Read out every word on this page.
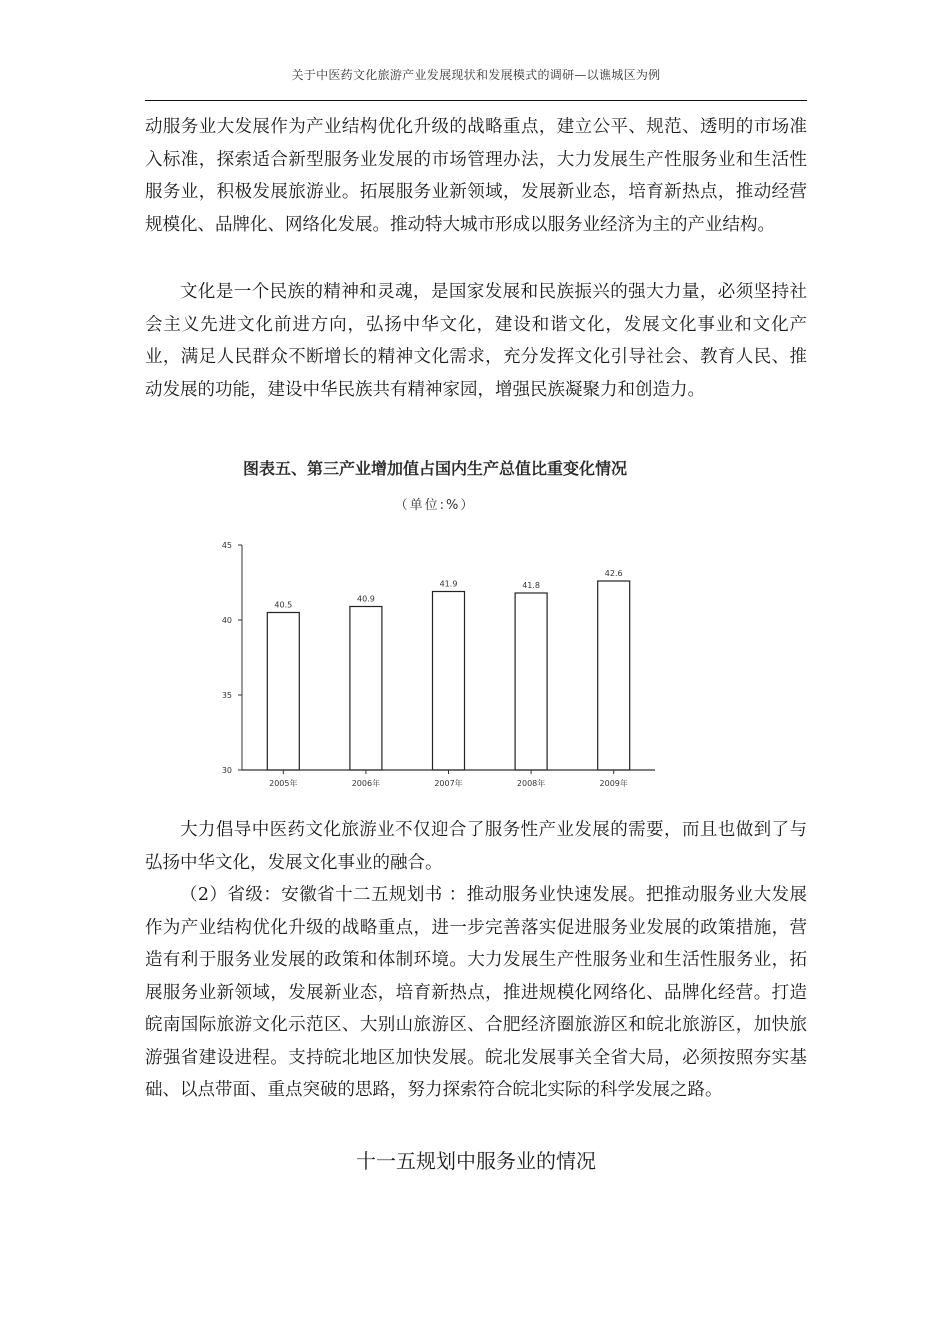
关于中医药文化旅游产业发展现状和发展模式的调研—以谯城区为例

动服务业大发展作为产业结构优化升级的战略重点，建立公平、规范、透明的市场准入标准，探索适合新型服务业发展的市场管理办法，大力发展生产性服务业和生活性服务业，积极发展旅游业。拓展服务业新领域，发展新业态，培育新热点，推动经营规模化、品牌化、网络化发展。推动特大城市形成以服务业经济为主的产业结构。

文化是一个民族的精神和灵魂，是国家发展和民族振兴的强大力量，必须坚持社会主义先进文化前进方向，弘扬中华文化，建设和谐文化，发展文化事业和文化产业，满足人民群众不断增长的精神文化需求，充分发挥文化引导社会、教育人民、推动发展的功能，建设中华民族共有精神家园，增强民族凝聚力和创造力。

图表五、第三产业增加值占国内生产总值比重变化情况
（单位:%）
30
35
40
45
40.5
40.9
41.9	41.8
42.6
2005年	2006年	2007年	2008年	2009年

大力倡导中医药文化旅游业不仅迎合了服务性产业发展的需要，而且也做到了与弘扬中华文化，发展文化事业的融合。

（2）省级：安徽省十二五规划书 ：推动服务业快速发展。把推动服务业大发展作为产业结构优化升级的战略重点，进一步完善落实促进服务业发展的政策措施，营造有利于服务业发展的政策和体制环境。大力发展生产性服务业和生活性服务业，拓展服务业新领域，发展新业态，培育新热点，推进规模化网络化、品牌化经营。打造皖南国际旅游文化示范区、大别山旅游区、合肥经济圈旅游区和皖北旅游区，加快旅游强省建设进程。支持皖北地区加快发展。皖北发展事关全省大局，必须按照夯实基础、以点带面、重点突破的思路，努力探索符合皖北实际的科学发展之路。

十一五规划中服务业的情况
